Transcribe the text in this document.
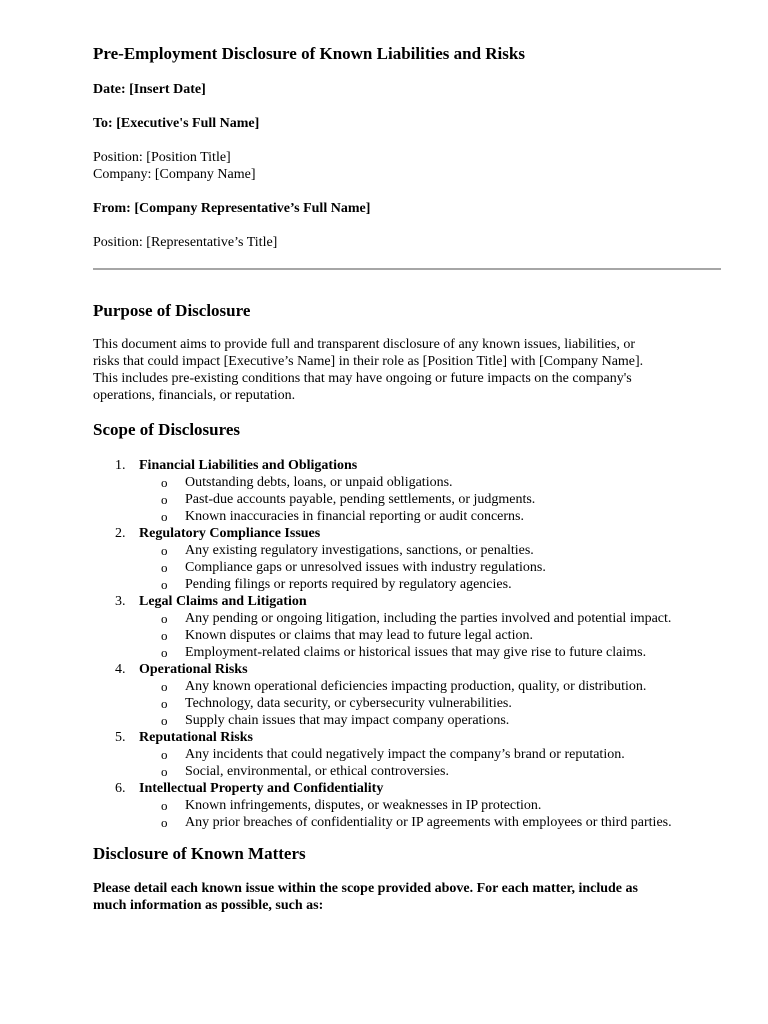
Pre-Employment Disclosure of Known Liabilities and Risks

Date: [Insert Date]

To: [Executive's Full Name]

Position: [Position Title]

Company: [Company Name]

From: [Company Representative’s Full Name]

Position: [Representative’s Title]

Purpose of Disclosure

This document aims to provide full and transparent disclosure of any known issues, liabilities, or
risks that could impact [Executive’s Name] in their role as [Position Title] with [Company Name].
This includes pre-existing conditions that may have ongoing or future impacts on the company's
operations, financials, or reputation.

Scope of Disclosures
1. Financial Liabilities and Obligations
o Outstanding debts, loans, or unpaid obligations.
o Past-due accounts payable, pending settlements, or judgments.
o Known inaccuracies in financial reporting or audit concerns.
2. Regulatory Compliance Issues
o Any existing regulatory investigations, sanctions, or penalties.
o Compliance gaps or unresolved issues with industry regulations.
o Pending filings or reports required by regulatory agencies.
3. Legal Claims and Litigation
o Any pending or ongoing litigation, including the parties involved and potential impact.
o Known disputes or claims that may lead to future legal action.
o Employment-related claims or historical issues that may give rise to future claims.
4. Operational Risks
o Any known operational deficiencies impacting production, quality, or distribution.
o Technology, data security, or cybersecurity vulnerabilities.
o Supply chain issues that may impact company operations.
5. Reputational Risks
o Any incidents that could negatively impact the company’s brand or reputation.
o Social, environmental, or ethical controversies.
6. Intellectual Property and Confidentiality
o Known infringements, disputes, or weaknesses in IP protection.
o Any prior breaches of confidentiality or IP agreements with employees or third parties.
Disclosure of Known Matters

Please detail each known issue within the scope provided above. For each matter, include as
much information as possible, such as:
